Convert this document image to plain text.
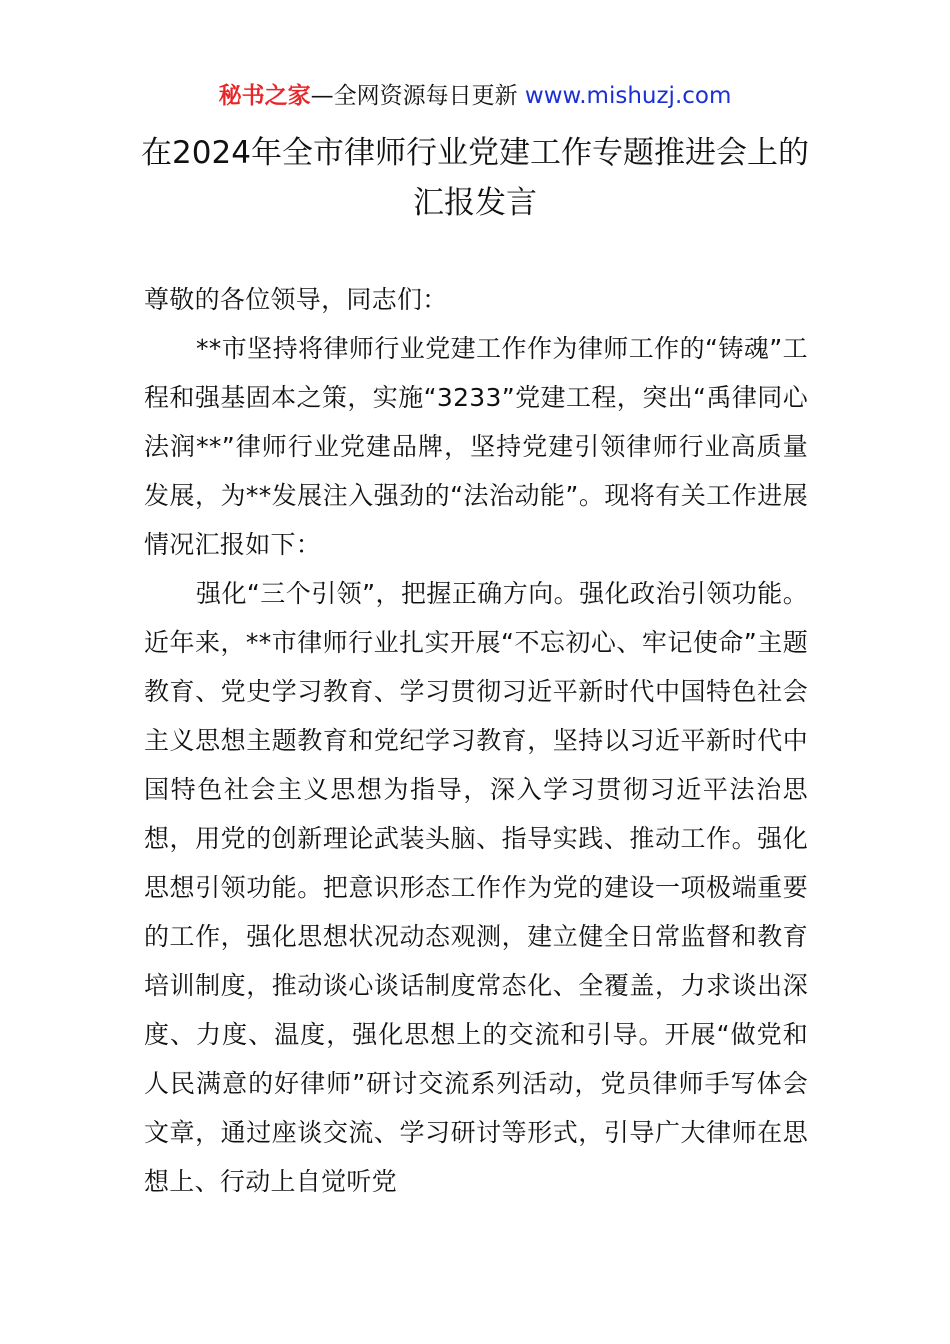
秘书之家—全网资源每日更新 www.mishuzj.com
在2024年全市律师行业党建工作专题推进会上的汇报发言

尊敬的各位领导，同志们：

**市坚持将律师行业党建工作作为律师工作的“铸魂”工程和强基固本之策，实施“3233”党建工程，突出“禹律同心法润**”律师行业党建品牌，坚持党建引领律师行业高质量发展，为**发展注入强劲的“法治动能”。现将有关工作进展情况汇报如下：

强化“三个引领”，把握正确方向。强化政治引领功能。近年来，**市律师行业扎实开展“不忘初心、牢记使命”主题教育、党史学习教育、学习贯彻习近平新时代中国特色社会主义思想主题教育和党纪学习教育，坚持以习近平新时代中国特色社会主义思想为指导，深入学习贯彻习近平法治思想，用党的创新理论武装头脑、指导实践、推动工作。强化思想引领功能。把意识形态工作作为党的建设一项极端重要的工作，强化思想状况动态观测，建立健全日常监督和教育培训制度，推动谈心谈话制度常态化、全覆盖，力求谈出深度、力度、温度，强化思想上的交流和引导。开展“做党和人民满意的好律师”研讨交流系列活动，党员律师手写体会文章，通过座谈交流、学习研讨等形式，引导广大律师在思想上、行动上自觉听党
